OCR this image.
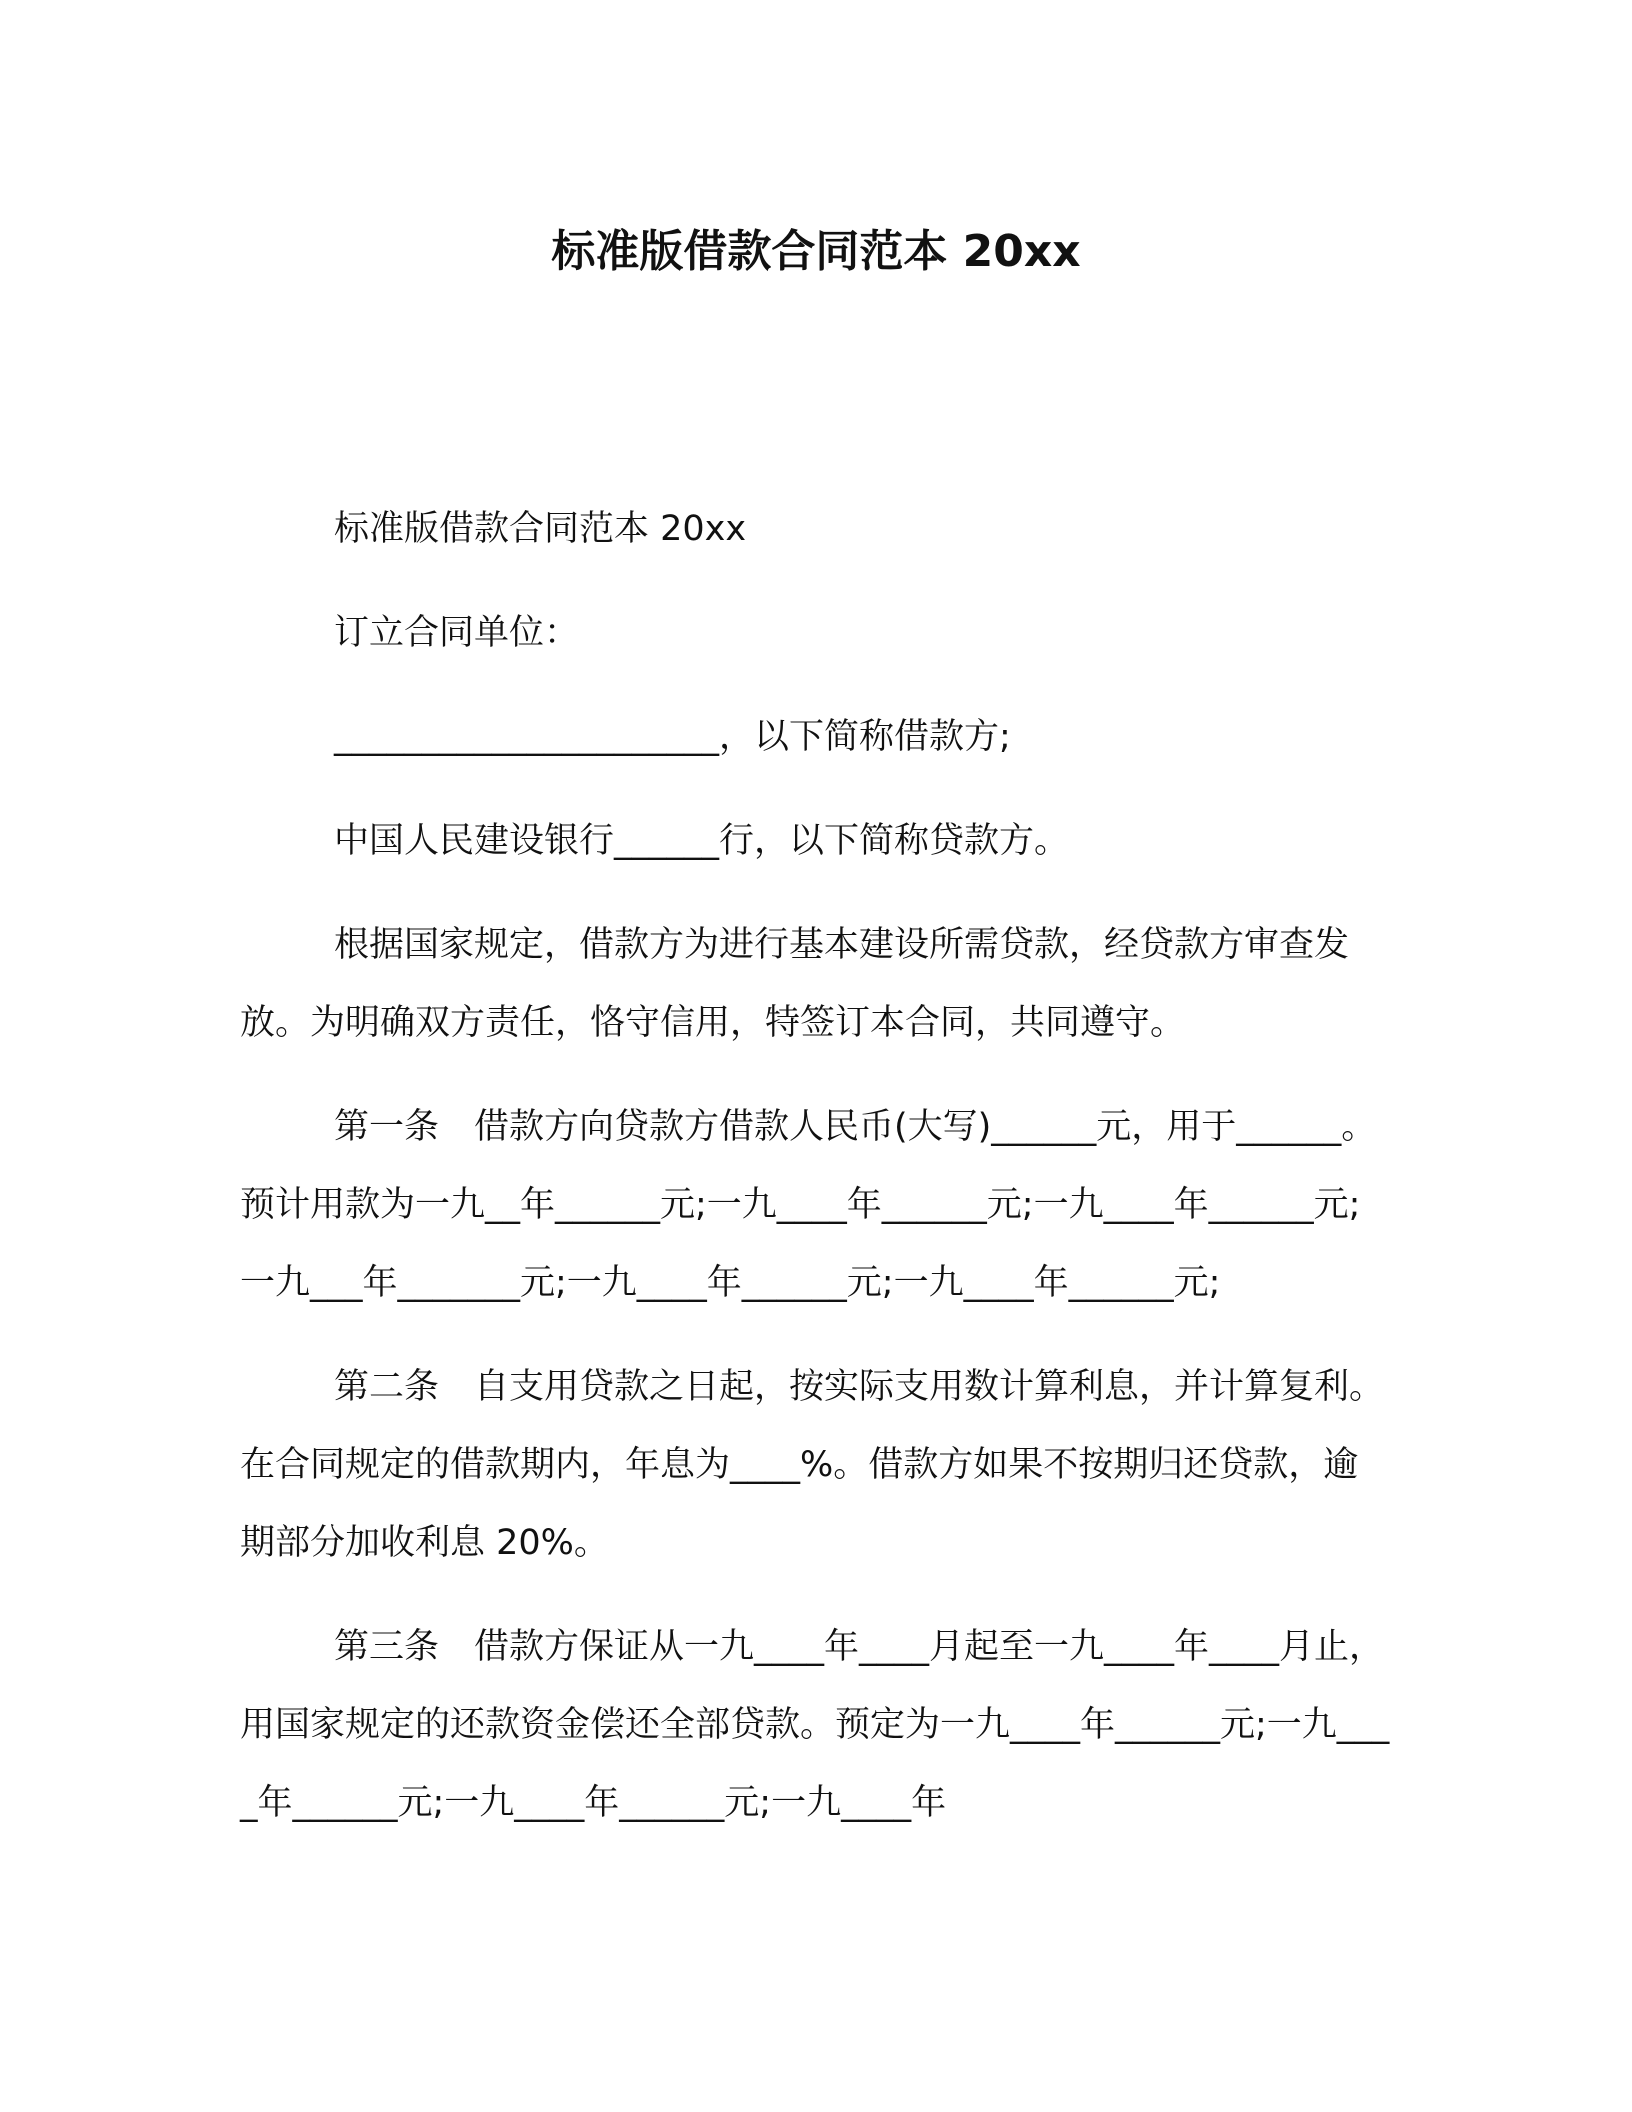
标准版借款合同范本 20xx

标准版借款合同范本 20xx

订立合同单位：

______________________，以下简称借款方;

中国人民建设银行______行，以下简称贷款方。

根据国家规定，借款方为进行基本建设所需贷款，经贷款方审查发放。为明确双方责任，恪守信用，特签订本合同，共同遵守。

第一条　借款方向贷款方借款人民币(大写)______元，用于______。预计用款为一九__年______元;一九____年______元;一九____年______元;一九___年_______元;一九____年______元;一九____年______元;

第二条　自支用贷款之日起，按实际支用数计算利息，并计算复利。在合同规定的借款期内，年息为____%。借款方如果不按期归还贷款，逾期部分加收利息 20%。

第三条　借款方保证从一九____年____月起至一九____年____月止，用国家规定的还款资金偿还全部贷款。预定为一九____年______元;一九____年______元;一九____年______元;一九____年
